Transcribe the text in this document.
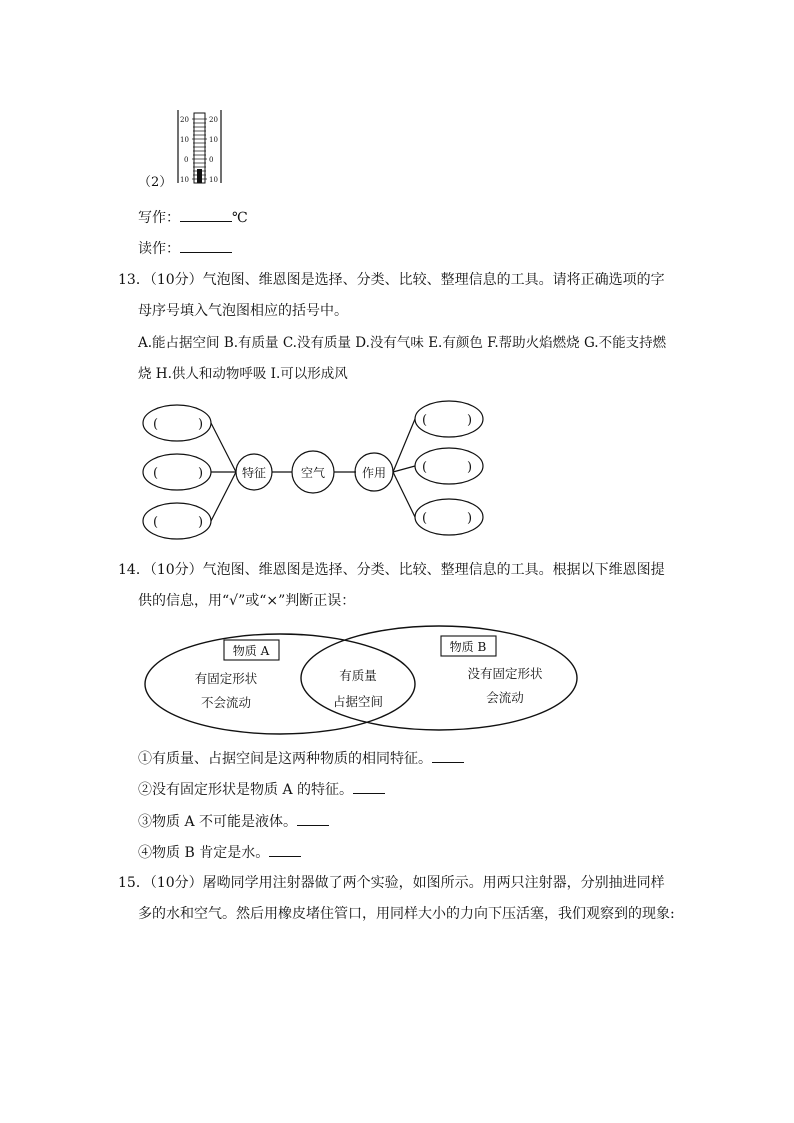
20
10
0
10
20
10
0
10
（2）
写作：	℃
读作：
13．（10分）气泡图、维恩图是选择、分类、比较、整理信息的工具。请将正确选项的字
母序号填入气泡图相应的括号中。
A.能占据空间 B.有质量 C.没有质量 D.没有气味 E.有颜色 F.帮助火焰燃烧 G.不能支持燃
烧 H.供人和动物呼吸 I.可以形成风
(	)
(	)
(	)
(	)
(	)
(	)
特征	空气	作用
14．（10分）气泡图、维恩图是选择、分类、比较、整理信息的工具。根据以下维恩图提
供的信息，用“√”或“×”判断正误：
物质 A	物质 B
有固定形状
不会流动
有质量
占据空间
没有固定形状
会流动
①有质量、占据空间是这两种物质的相同特征。
②没有固定形状是物质 A 的特征。
③物质 A 不可能是液体。
④物质 B 肯定是水。
15．（10分）屠呦同学用注射器做了两个实验，如图所示。用两只注射器，分别抽进同样
多的水和空气。然后用橡皮堵住管口，用同样大小的力向下压活塞，我们观察到的现象:
